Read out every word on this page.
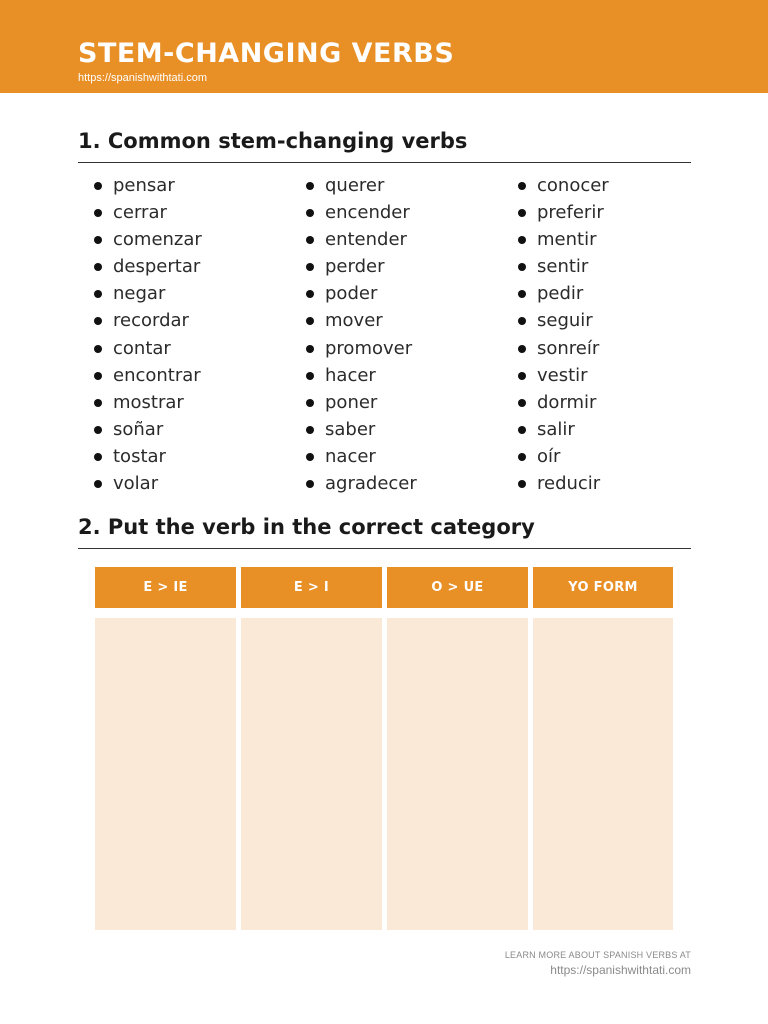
STEM-CHANGING VERBS
https://spanishwithtati.com
1. Common stem-changing verbs
pensar
cerrar
comenzar
despertar
negar
recordar
contar
encontrar
mostrar
soñar
tostar
volar
querer
encender
entender
perder
poder
mover
promover
hacer
poner
saber
nacer
agradecer
conocer
preferir
mentir
sentir
pedir
seguir
sonreír
vestir
dormir
salir
oír
reducir
2. Put the verb in the correct category
E > IE	E > I	O > UE	YO FORM
LEARN MORE ABOUT SPANISH VERBS AT
https://spanishwithtati.com
